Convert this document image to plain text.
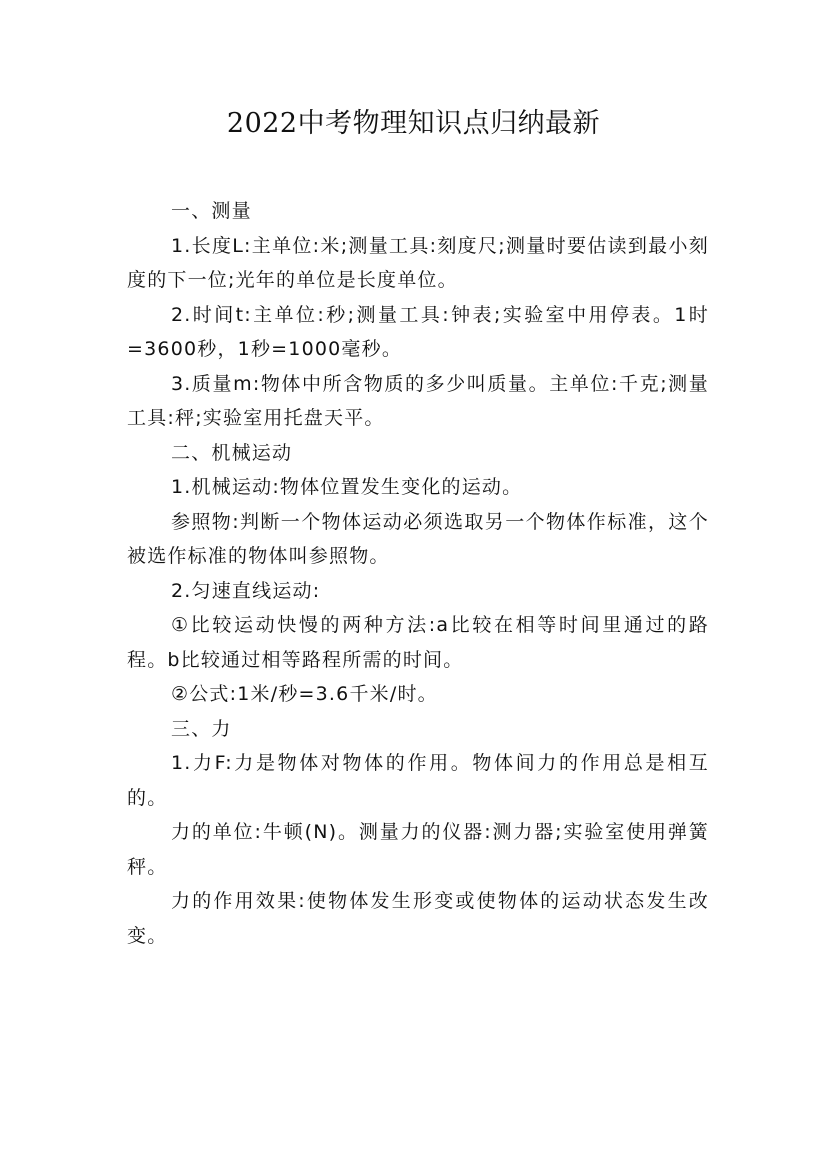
2022中考物理知识点归纳最新

一、测量

1.长度L:主单位:米;测量工具:刻度尺;测量时要估读到最小刻度的下一位;光年的单位是长度单位。

2.时间t:主单位:秒;测量工具:钟表;实验室中用停表。1时=3600秒，1秒=1000毫秒。

3.质量m:物体中所含物质的多少叫质量。主单位:千克;测量工具:秤;实验室用托盘天平。

二、机械运动

1.机械运动:物体位置发生变化的运动。

参照物:判断一个物体运动必须选取另一个物体作标准，这个被选作标准的物体叫参照物。

2.匀速直线运动:

①比较运动快慢的两种方法:a比较在相等时间里通过的路程。b比较通过相等路程所需的时间。

②公式:1米/秒=3.6千米/时。

三、力

1.力F:力是物体对物体的作用。物体间力的作用总是相互的。

力的单位:牛顿(N)。测量力的仪器:测力器;实验室使用弹簧秤。

力的作用效果:使物体发生形变或使物体的运动状态发生改变。
